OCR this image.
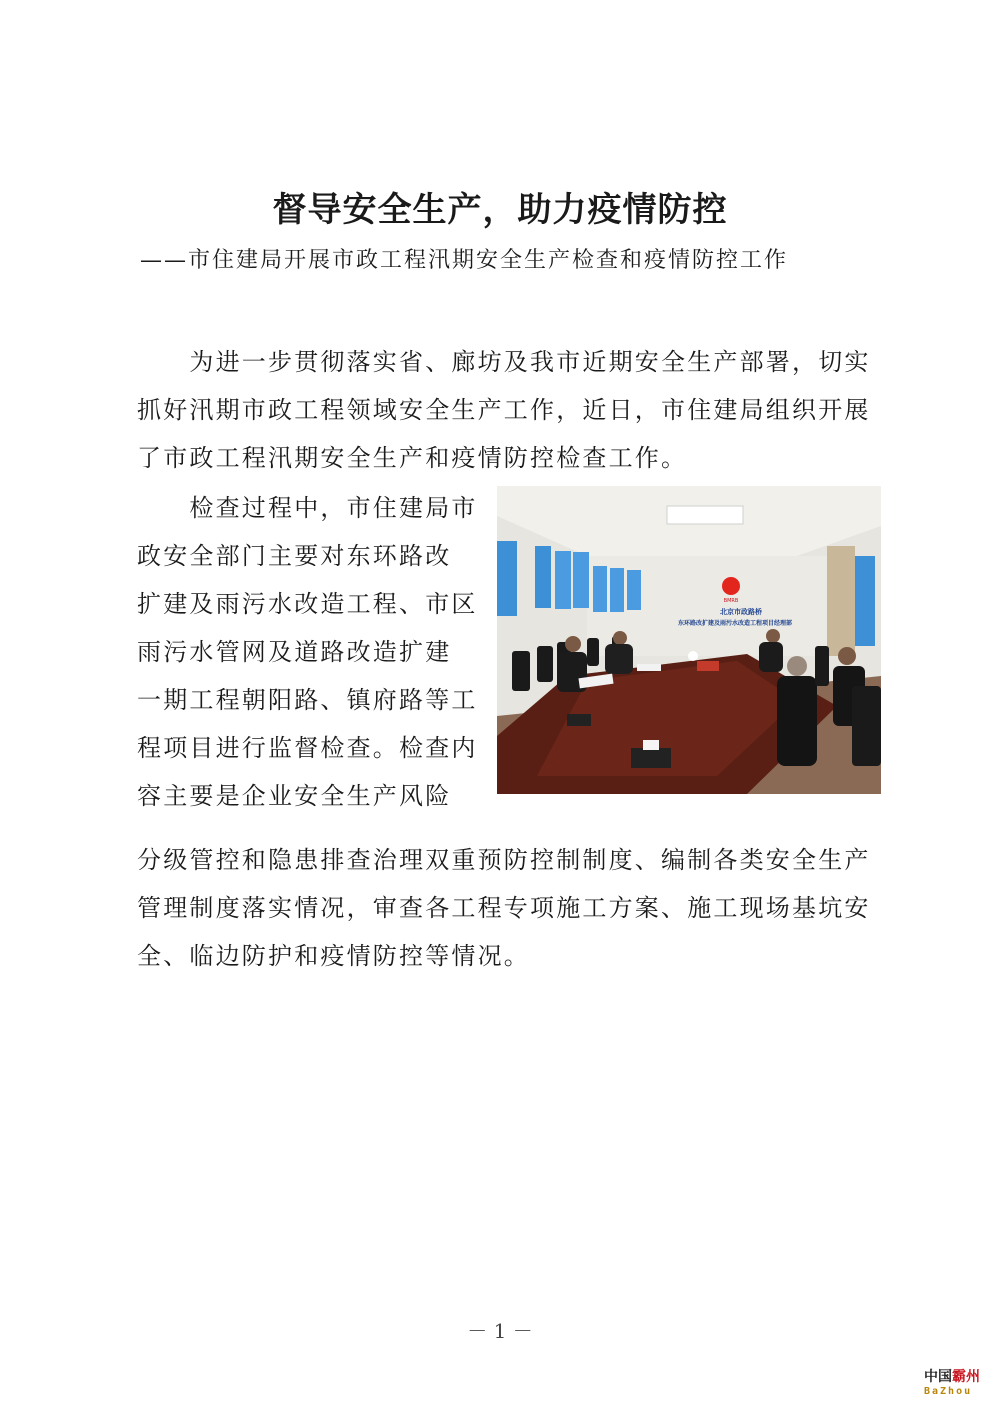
督导安全生产，助力疫情防控
——市住建局开展市政工程汛期安全生产检查和疫情防控工作
　　为进一步贯彻落实省、廊坊及我市近期安全生产部署，切实
抓好汛期市政工程领域安全生产工作，近日，市住建局组织开展
了市政工程汛期安全生产和疫情防控检查工作。
　　检查过程中，市住建局市
政安全部门主要对东环路改
扩建及雨污水改造工程、市区
雨污水管网及道路改造扩建
一期工程朝阳路、镇府路等工
程项目进行监督检查。检查内
容主要是企业安全生产风险
分级管控和隐患排查治理双重预防控制制度、编制各类安全生产
管理制度落实情况，审查各工程专项施工方案、施工现场基坑安
全、临边防护和疫情防控等情况。
BMRB
北京市政路桥
东环路改扩建及雨污水改造工程项目经理部
－ 1 －
中国霸州
BaZhou
